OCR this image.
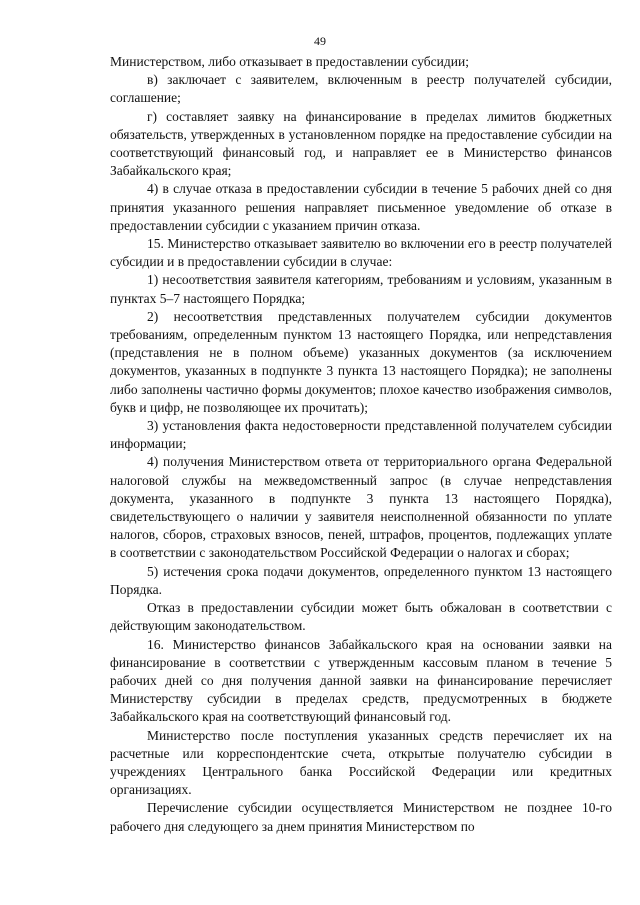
49

Министерством, либо отказывает в предоставлении субсидии;

в) заключает с заявителем, включенным в реестр получателей субсидии, соглашение;

г) составляет заявку на финансирование в пределах лимитов бюджетных обязательств, утвержденных в установленном порядке на предоставление субсидии на соответствующий финансовый год, и направляет ее в Министерство финансов Забайкальского края;

4) в случае отказа в предоставлении субсидии в течение 5 рабочих дней со дня принятия указанного решения направляет письменное уведомление об отказе в предоставлении субсидии с указанием причин отказа.

15. Министерство отказывает заявителю во включении его в реестр получателей субсидии и в предоставлении субсидии в случае:

1) несоответствия заявителя категориям, требованиям и условиям, указанным в пунктах 5–7 настоящего Порядка;

2) несоответствия представленных получателем субсидии документов требованиям, определенным пунктом 13 настоящего Порядка, или непредставления (представления не в полном объеме) указанных документов (за исключением документов, указанных в подпункте 3 пункта 13 настоящего Порядка); не заполнены либо заполнены частично формы документов; плохое качество изображения символов, букв и цифр, не позволяющее их прочитать);

3) установления факта недостоверности представленной получателем субсидии информации;

4) получения Министерством ответа от территориального органа Федеральной налоговой службы на межведомственный запрос (в случае непредставления документа, указанного в подпункте 3 пункта 13 настоящего Порядка), свидетельствующего о наличии у заявителя неисполненной обязанности по уплате налогов, сборов, страховых взносов, пеней, штрафов, процентов, подлежащих уплате в соответствии с законодательством Российской Федерации о налогах и сборах;

5) истечения срока подачи документов, определенного пунктом 13 настоящего Порядка.

Отказ в предоставлении субсидии может быть обжалован в соответствии с действующим законодательством.

16. Министерство финансов Забайкальского края на основании заявки на финансирование в соответствии с утвержденным кассовым планом в течение 5 рабочих дней со дня получения данной заявки на финансирование перечисляет Министерству субсидии в пределах средств, предусмотренных в бюджете Забайкальского края на соответствующий финансовый год.

Министерство после поступления указанных средств перечисляет их на расчетные или корреспондентские счета, открытые получателю субсидии в учреждениях Центрального банка Российской Федерации или кредитных организациях.

Перечисление субсидии осуществляется Министерством не позднее 10-го рабочего дня следующего за днем принятия Министерством по
